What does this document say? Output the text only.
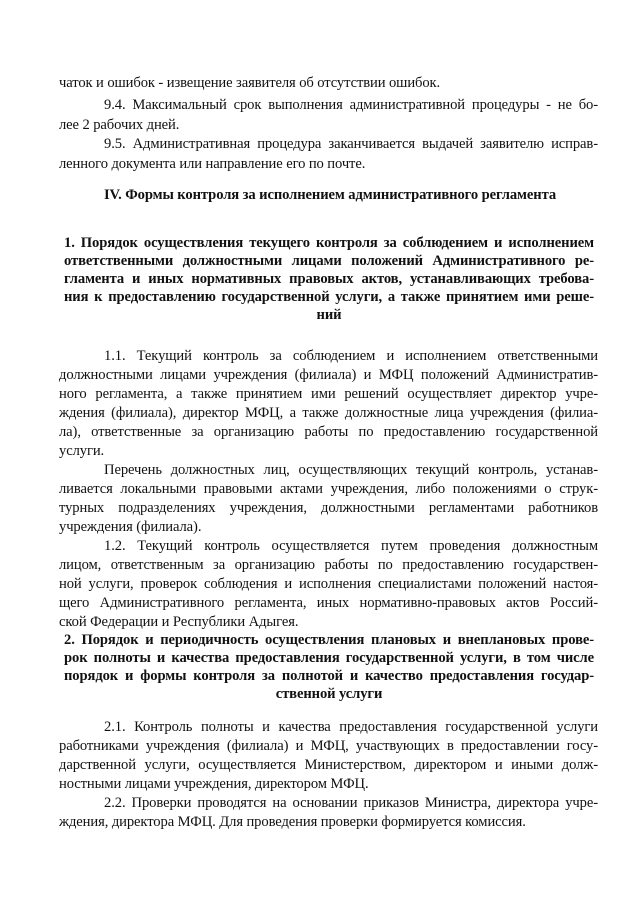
чаток и ошибок - извещение заявителя об отсутствии ошибок.
9.4. Максимальный срок выполнения административной процедуры - не бо-
лее 2 рабочих дней.
9.5. Административная процедура заканчивается выдачей заявителю исправ-
ленного документа или направление его по почте.
IV. Формы контроля за исполнением административного регламента
1. Порядок осуществления текущего контроля за соблюдением и исполнением
ответственными должностными лицами положений Административного ре-
гламента и иных нормативных правовых актов, устанавливающих требова-
ния к предоставлению государственной услуги, а также принятием ими реше-
ний
1.1. Текущий контроль за соблюдением и исполнением ответственными
должностными лицами учреждения (филиала) и МФЦ положений Административ-
ного регламента, а также принятием ими решений осуществляет директор учре-
ждения (филиала), директор МФЦ, а также должностные лица учреждения (филиа-
ла), ответственные за организацию работы по предоставлению государственной
услуги.
Перечень должностных лиц, осуществляющих текущий контроль, устанав-
ливается локальными правовыми актами учреждения, либо положениями о струк-
турных подразделениях учреждения, должностными регламентами работников
учреждения (филиала).
1.2. Текущий контроль осуществляется путем проведения должностным
лицом, ответственным за организацию работы по предоставлению государствен-
ной услуги, проверок соблюдения и исполнения специалистами положений настоя-
щего Административного регламента, иных нормативно-правовых актов Россий-
ской Федерации и Республики Адыгея.
2. Порядок и периодичность осуществления плановых и внеплановых прове-
рок полноты и качества предоставления государственной услуги, в том числе
порядок и формы контроля за полнотой и качество предоставления государ-
ственной услуги
2.1. Контроль полноты и качества предоставления государственной услуги
работниками учреждения (филиала) и МФЦ, участвующих в предоставлении госу-
дарственной услуги, осуществляется Министерством, директором и иными долж-
ностными лицами учреждения, директором МФЦ.
2.2. Проверки проводятся на основании приказов Министра, директора учре-
ждения, директора МФЦ. Для проведения проверки формируется комиссия.
